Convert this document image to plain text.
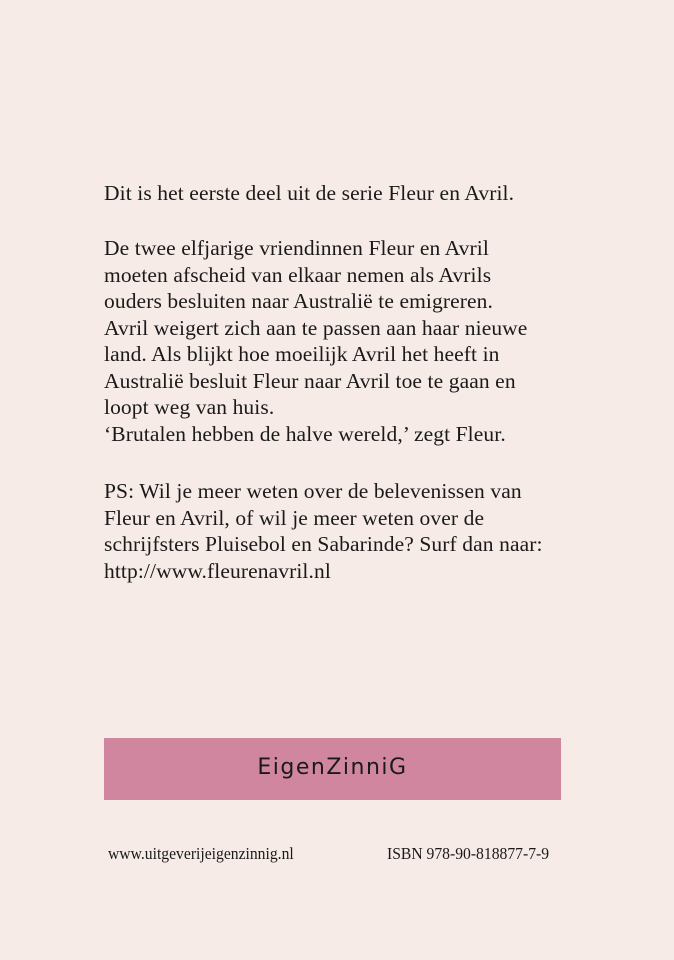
Dit is het eerste deel uit de serie Fleur en Avril.

De twee elfjarige vriendinnen Fleur en Avril

moeten afscheid van elkaar nemen als Avrils

ouders besluiten naar Australië te emigreren.

Avril weigert zich aan te passen aan haar nieuwe

land. Als blijkt hoe moeilijk Avril het heeft in

Australië besluit Fleur naar Avril toe te gaan en

loopt weg van huis.

‘Brutalen hebben de halve wereld,’ zegt Fleur.

PS: Wil je meer weten over de belevenissen van

Fleur en Avril, of wil je meer weten over de

schrijfsters Pluisebol en Sabarinde? Surf dan naar:

http://www.fleurenavril.nl

EigenZinniG
www.uitgeverijeigenzinnig.nl	ISBN 978-90-818877-7-9
